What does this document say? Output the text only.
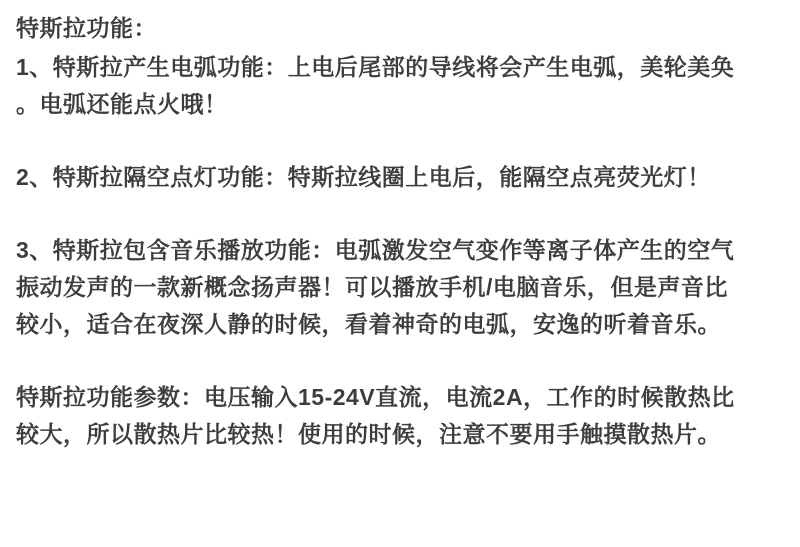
特斯拉功能：
1、特斯拉产生电弧功能：上电后尾部的导线将会产生电弧，美轮美奂
。电弧还能点火哦！
2、特斯拉隔空点灯功能：特斯拉线圈上电后，能隔空点亮荧光灯！
3、特斯拉包含音乐播放功能：电弧激发空气变作等离子体产生的空气
振动发声的一款新概念扬声器！可以播放手机/电脑音乐，但是声音比
较小，适合在夜深人静的时候，看着神奇的电弧，安逸的听着音乐。
特斯拉功能参数：电压输入15-24V直流，电流2A，工作的时候散热比
较大，所以散热片比较热！使用的时候，注意不要用手触摸散热片。
